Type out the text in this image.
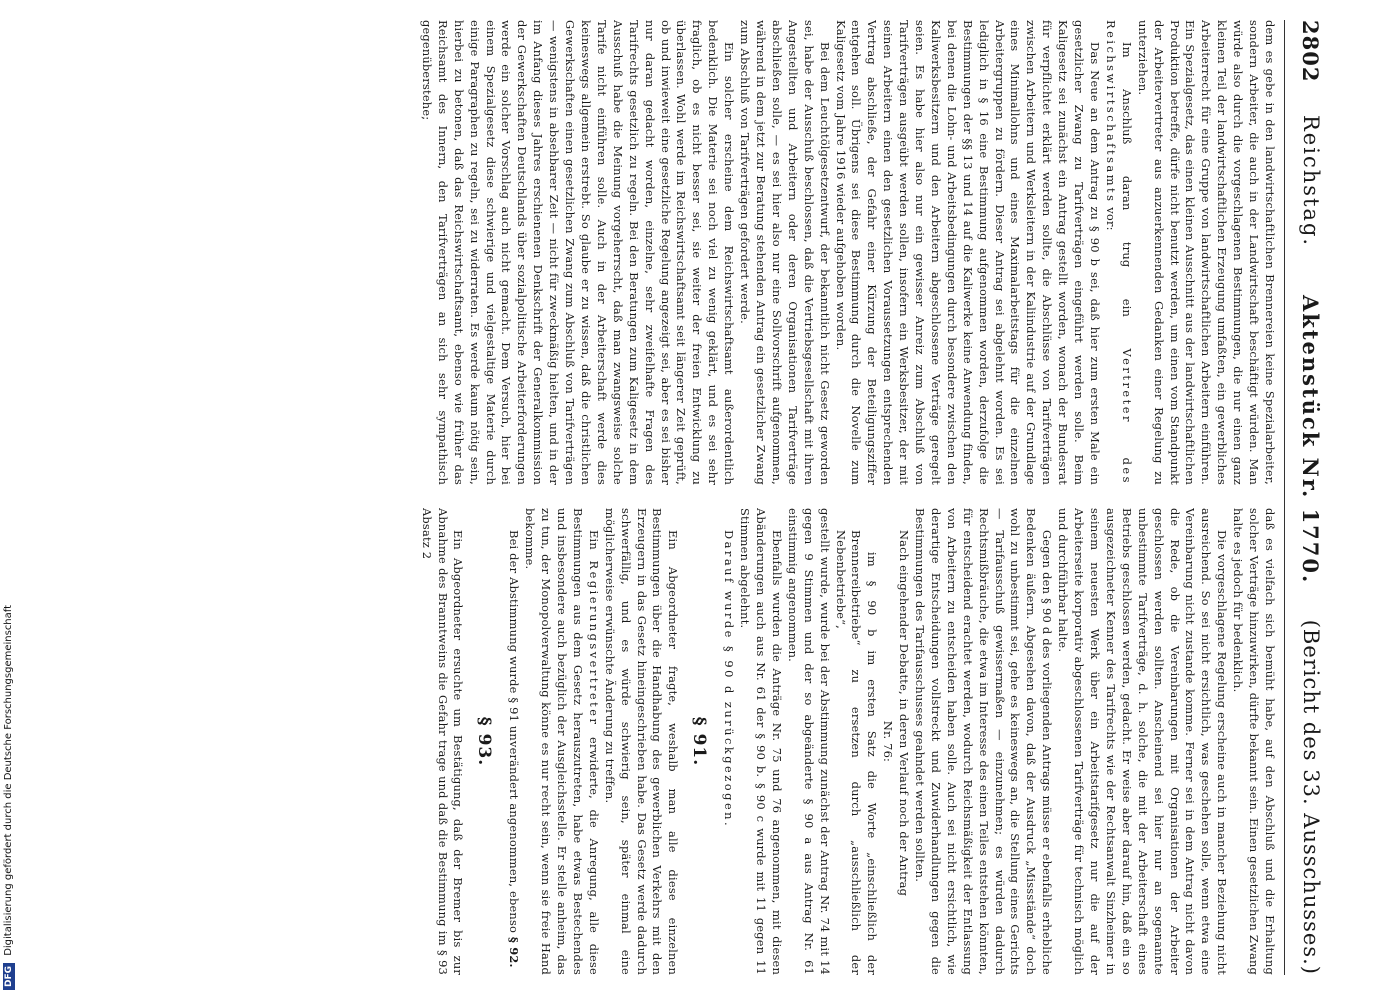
DFG Digitalisierung gefördert durch die Deutsche Forschungsgemeinschaft
2802
Reichstag.
Aktenstück Nr. 1770.
(Bericht des 33. Ausschusses.)

dem es gebe in den landwirtschaftlichen Brennereien keine Spezialarbeiter, sondern Arbeiter, die auch in der Landwirtschaft beschäftigt würden. Man würde also durch die vorgeschlagenen Bestimmungen, die nur einen ganz kleinen Teil der landwirtschaftlichen Erzeugung umfaßten, ein gewerbliches Arbeiterrecht für eine Gruppe von landwirtschaftlichen Arbeitern einführen. Ein Spezialgesetz, das einen kleinen Ausschnitt aus der landwirtschaftlichen Produktion betreffe, dürfe nicht benutzt werden, um einen vom Standpunkt der Arbeitervertreter aus anzuerkennenden Gedanken einer Regelung zu unterziehen.

Im Anschluß daran trug ein Vertreter des Reichswirtschaftsamts vor:

Das Neue an dem Antrag zu § 90 b sei, daß hier zum ersten Male ein gesetzlicher Zwang zu Tarifverträgen eingeführt werden solle. Beim Kaligesetz sei zunächst ein Antrag gestellt worden, wonach der Bundesrat für verpflichtet erklärt werden sollte, die Abschlüsse von Tarifverträgen zwischen Arbeitern und Werksleitern in der Kaliindustrie auf der Grundlage eines Minimallohns und eines Maximalarbeitstags für die einzelnen Arbeitergruppen zu fördern. Dieser Antrag sei abgelehnt worden. Es sei lediglich in § 16 eine Bestimmung aufgenommen worden, derzufolge die Bestimmungen der §§ 13 und 14 auf die Kaliwerke keine Anwendung finden, bei denen die Lohn- und Arbeitsbedingungen durch besondere zwischen den Kaliwerksbesitzern und den Arbeitern abgeschlossene Verträge geregelt seien. Es habe hier also nur ein gewisser Anreiz zum Abschluß von Tarifverträgen ausgeübt werden sollen, insofern ein Werksbesitzer, der mit seinen Arbeitern einen den gesetzlichen Voraussetzungen entsprechenden Vertrag abschließe, der Gefahr einer Kürzung der Beteiligungsziffer entgehen soll. Übrigens sei diese Bestimmung durch die Novelle zum Kaligesetz vom Jahre 1916 wieder aufgehoben worden.

Bei dem Leuchtölgesetzentwurf, der bekanntlich nicht Gesetz geworden sei, habe der Ausschuß beschlossen, daß die Vertriebsgesellschaft mit ihren Angestellten und Arbeitern oder deren Organisationen Tarifverträge abschließen solle, — es sei hier also nur eine Sollvorschrift aufgenommen, während in dem jetzt zur Beratung stehenden Antrag ein gesetzlicher Zwang zum Abschluß von Tarifverträgen gefordert werde.

Ein solcher erscheine dem Reichswirtschaftsamt außerordentlich bedenklich. Die Materie sei noch viel zu wenig geklärt, und es sei sehr fraglich, ob es nicht besser sei, sie weiter der freien Entwicklung zu überlassen. Wohl werde im Reichswirtschaftsamt seit längerer Zeit geprüft, ob und inwieweit eine gesetzliche Regelung angezeigt sei, aber es sei bisher nur daran gedacht worden, einzelne, sehr zweifelhafte Fragen des Tarifrechts gesetzlich zu regeln. Bei den Beratungen zum Kaligesetz in dem Ausschuß habe die Meinung vorgeherrscht, daß man zwangsweise solche Tarife nicht einführen solle. Auch in der Arbeiterschaft werde dies keineswegs allgemein erstrebt. So glaube er zu wissen, daß die christlichen Gewerkschaften einen gesetzlichen Zwang zum Abschluß von Tarifverträgen — wenigstens in absehbarer Zeit — nicht für zweckmäßig hielten, und in der im Anfang dieses Jahres erschienenen Denkschrift der Generalkommission der Gewerkschaften Deutschlands über sozialpolitische Arbeiterforderungen werde ein solcher Vorschlag auch nicht gemacht. Dem Versuch, hier bei einem Spezialgesetz diese schwierige und vielgestaltige Materie durch einige Paragraphen zu regeln, sei zu widerraten. Es werde kaum nötig sein, hierbei zu betonen, daß das Reichswirtschaftsamt, ebenso wie früher das Reichsamt des Innern, den Tarifverträgen an sich sehr sympathisch gegenüberstehe;

daß es vielfach sich bemüht habe, auf den Abschluß und die Erhaltung solcher Verträge hinzuwirken, dürfte bekannt sein. Einen gesetzlichen Zwang halte es jedoch für bedenklich.

Die vorgeschlagene Regelung erscheine auch in mancher Beziehung nicht ausreichend. So sei nicht ersichtlich, was geschehen solle, wenn etwa eine Vereinbarung nicht zustande komme. Ferner sei in dem Antrag nicht davon die Rede, ob die Vereinbarungen mit Organisationen der Arbeiter geschlossen werden sollten. Anscheinend sei hier nur an sogenannte unbestimmte Tarifverträge, d. h. solche, die mit der Arbeiterschaft eines Betriebs geschlossen werden, gedacht. Er weise aber darauf hin, daß ein so ausgezeichneter Kenner des Tarifrechts wie der Rechtsanwalt Sinzheimer in seinem neuesten Werk über ein Arbeitstarifgesetz nur die auf der Arbeiterseite korporativ abgeschlossenen Tarifverträge für technisch möglich und durchführbar halte.

Gegen den § 90 d des vorliegenden Antrags müsse er ebenfalls erhebliche Bedenken äußern. Abgesehen davon, daß der Ausdruck „Missstände“ doch wohl zu unbestimmt sei, gehe es keineswegs an, die Stellung eines Gerichts — Tarifausschuß gewissermaßen — einzunehmen; es würden dadurch Rechtsmißbräuche, die etwa im Interesse des einen Teiles entstehen könnten, für entscheidend erachtet werden, wodurch Reichsmäßigkeit der Entlassung von Arbeitern zu entscheiden haben solle. Auch sei nicht ersichtlich, wie derartige Entscheidungen vollstreckt und Zuwiderhandlungen gegen die Bestimmungen des Tarifausschusses geahndet werden sollten.

Nach eingehender Debatte, in deren Verlauf noch der Antrag

Nr. 76:

im § 90 b im ersten Satz die Worte „einschließlich der Brennereibetriebe“ zu ersetzen durch „ausschließlich der Nebenbetriebe“,

gestellt wurde, wurde bei der Abstimmung zunächst der Antrag Nr. 74 mit 14 gegen 9 Stimmen und der so abgeänderte § 90 a aus Antrag Nr. 61 einstimmig angenommen.

Ebenfalls wurden die Anträge Nr. 75 und 76 angenommen, mit diesen Abänderungen auch aus Nr. 61 der § 90 b. § 90 c wurde mit 11 gegen 11 Stimmen abgelehnt.

Darauf wurde § 90 d zurückgezogen.

§ 91.

Ein Abgeordneter fragte, weshalb man alle diese einzelnen Bestimmungen über die Handhabung des gewerblichen Verkehrs mit den Erzeugern in das Gesetz hineingeschrieben habe. Das Gesetz werde dadurch schwerfällig, und es würde schwierig sein, später einmal eine möglicherweise erwünschte Änderung zu treffen.

Ein Regierungsvertreter erwiderte, die Anregung, alle diese Bestimmungen aus dem Gesetz herauszutreten, habe etwas Bestechendes und insbesondere auch bezüglich der Ausgleichsstelle. Er stelle anheim, das zu tun, der Monopolverwaltung könne es nur recht sein, wenn sie freie Hand bekomme.

Bei der Abstimmung wurde § 91 unverändert angenommen, ebenso § 92.

§ 93.

Ein Abgeordneter ersuchte um Bestätigung, daß der Bremer bis zur Abnahme des Branntweins die Gefahr trage und daß die Bestimmung im § 93 Absatz 2
